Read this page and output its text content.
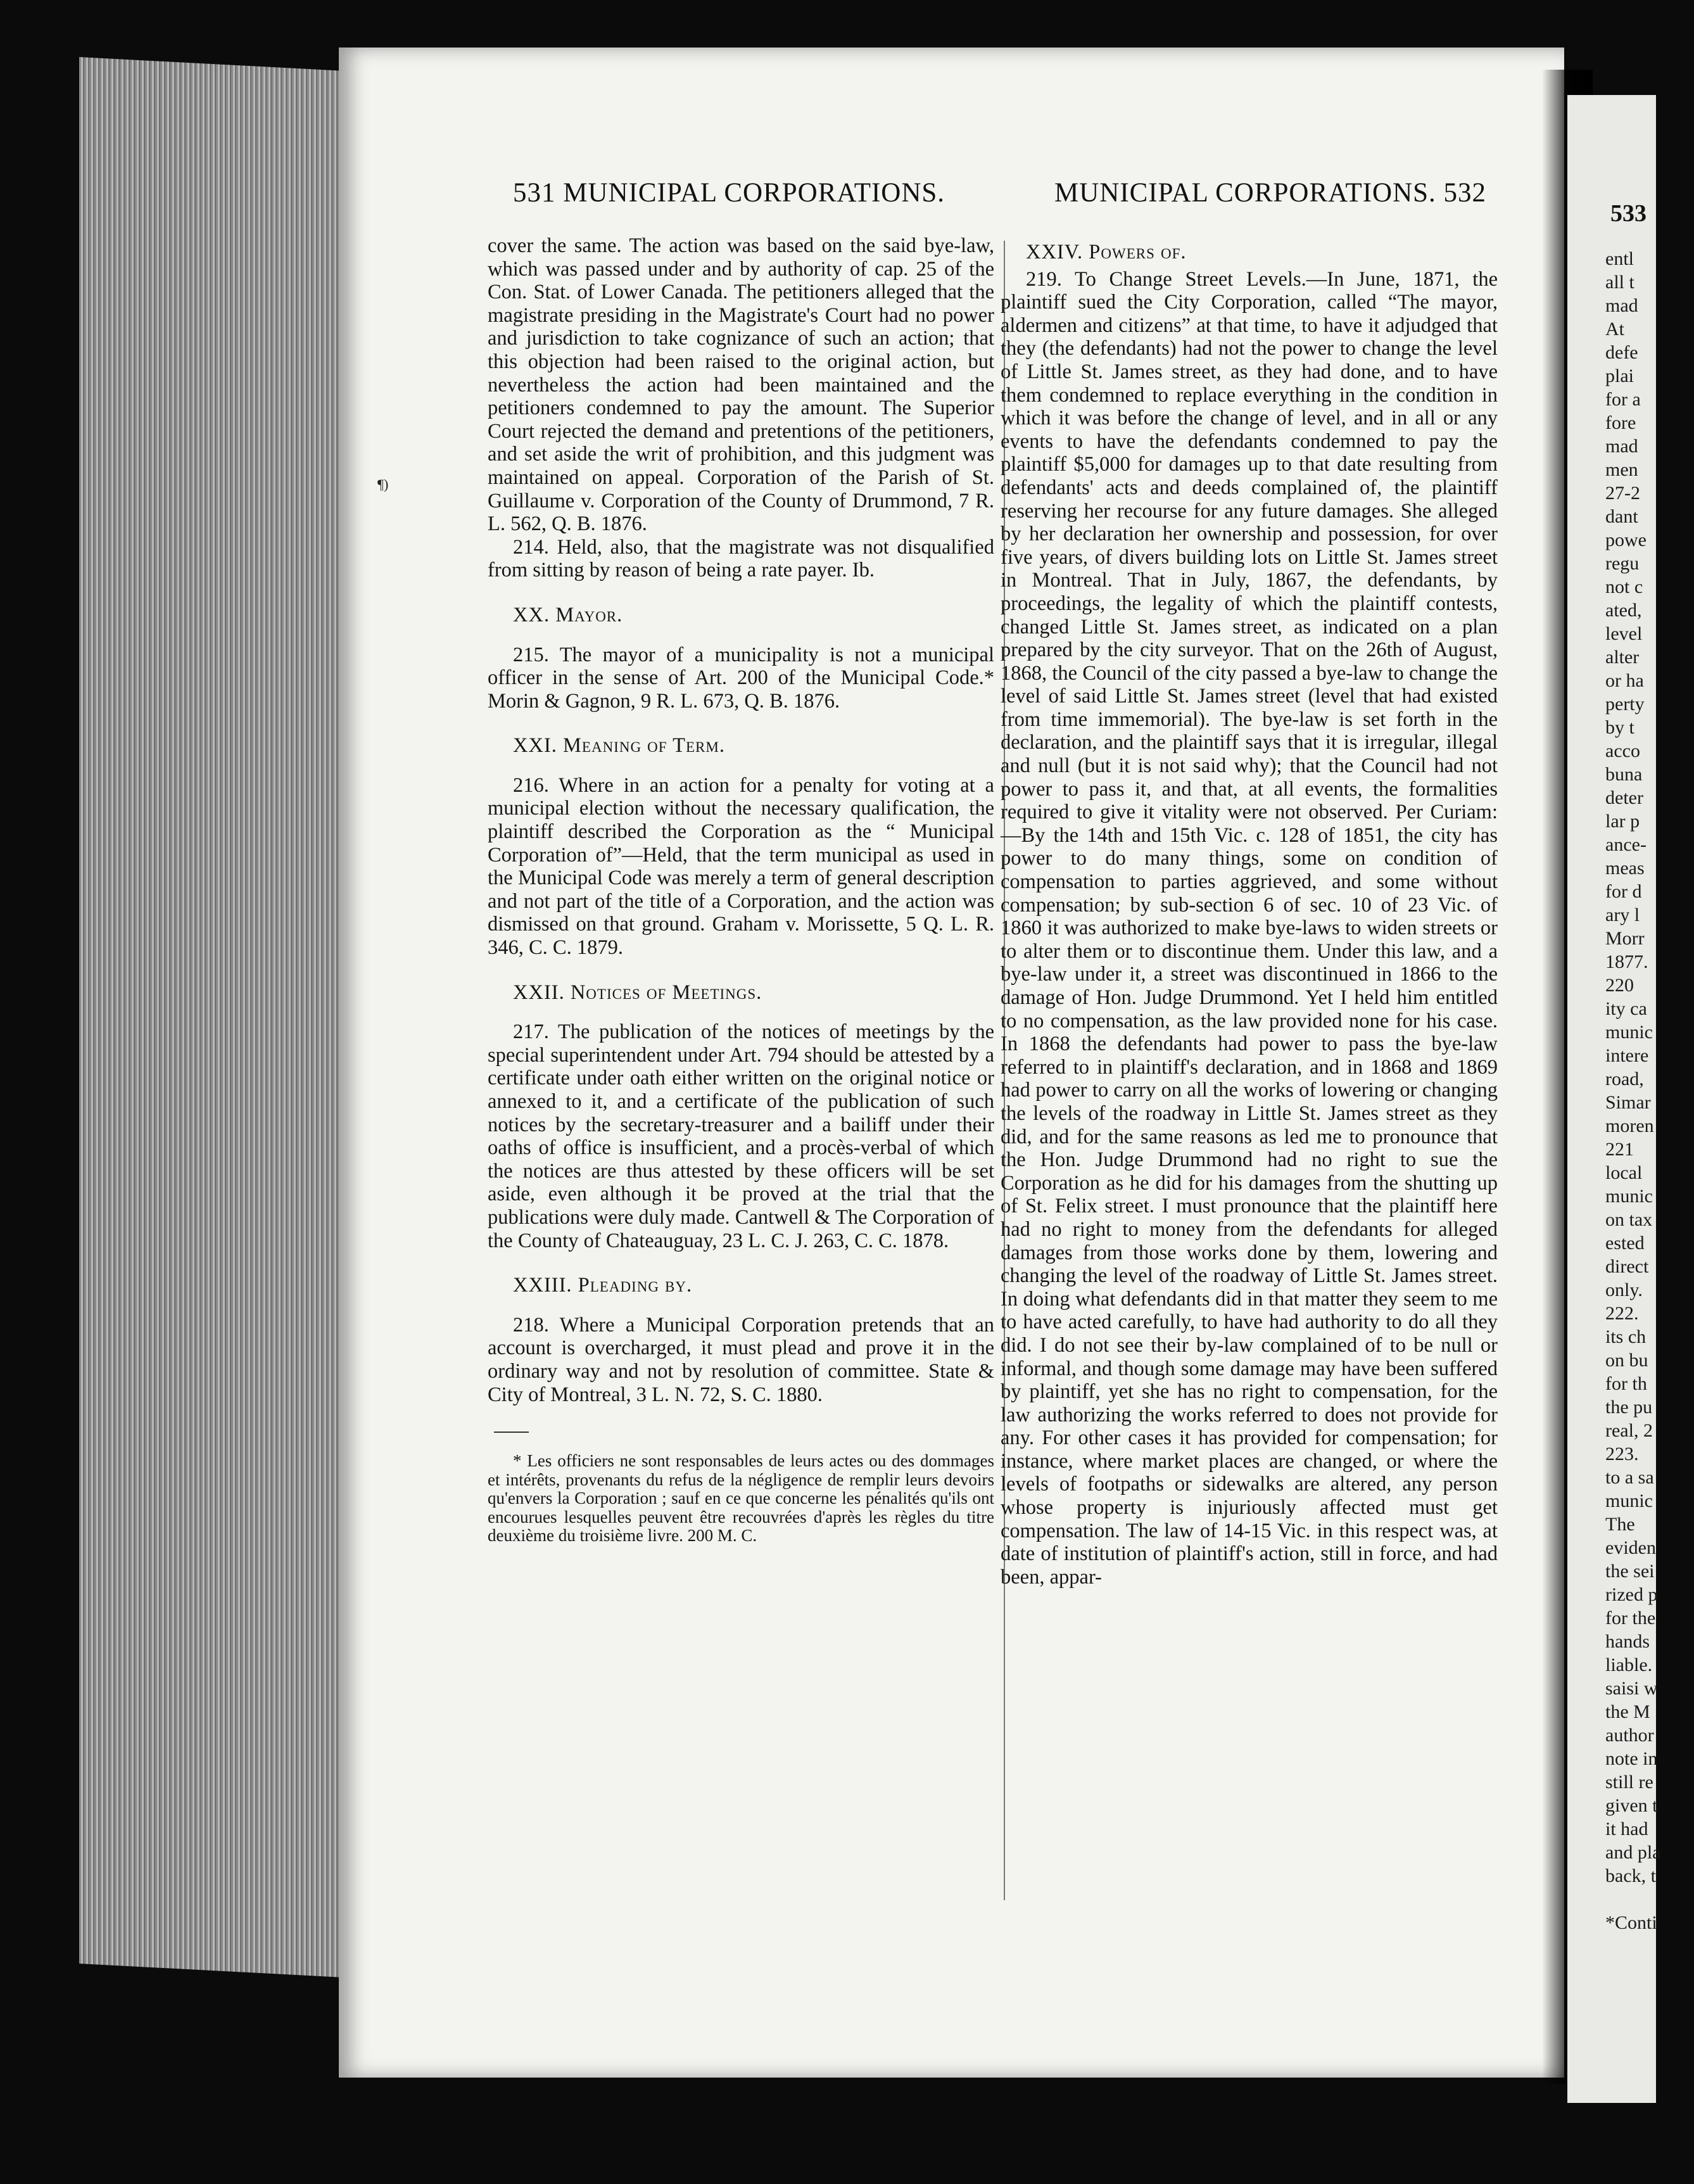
533
entl
all t
mad
At
defe
plai
for a
fore
mad
men
27-2
dant
powe
regu
not c
ated,
level
alter
or ha
perty
by t
acco
buna
deter
lar p
ance-
meas
for d
ary l
Morr
1877.
220
ity ca
munic
intere
road,
Simar
moren
221
local
munic
on tax
ested
direct
only.
222.
its ch
on bu
for th
the pu
real, 2
223.
to a sa
munic
The
eviden
the sei
rized p
for the
hands
liable.
saisi w
the M
author
note in
still re
given t
it had
and pla
back, t

*Conti
¶)
531 MUNICIPAL CORPORATIONS.	MUNICIPAL CORPORATIONS. 532

cover the same. The action was based on the said bye-law, which was passed under and by authority of cap. 25 of the Con. Stat. of Lower Canada. The petitioners alleged that the magistrate presiding in the Magistrate's Court had no power and jurisdiction to take cognizance of such an action; that this objection had been raised to the original action, but nevertheless the action had been maintained and the petitioners condemned to pay the amount. The Superior Court rejected the demand and pretentions of the petitioners, and set aside the writ of prohibition, and this judgment was maintained on appeal. Corporation of the Parish of St. Guillaume v. Corporation of the County of Drummond, 7 R. L. 562, Q. B. 1876.

214. Held, also, that the magistrate was not disqualified from sitting by reason of being a rate payer. Ib.

XX. Mayor.

215. The mayor of a municipality is not a municipal officer in the sense of Art. 200 of the Municipal Code.* Morin & Gagnon, 9 R. L. 673, Q. B. 1876.

XXI. Meaning of Term.

216. Where in an action for a penalty for voting at a municipal election without the necessary qualification, the plaintiff described the Corporation as the “ Municipal Corporation of”—Held, that the term municipal as used in the Municipal Code was merely a term of general description and not part of the title of a Corporation, and the action was dismissed on that ground. Graham v. Morissette, 5 Q. L. R. 346, C. C. 1879.

XXII. Notices of Meetings.

217. The publication of the notices of meetings by the special superintendent under Art. 794 should be attested by a certificate under oath either written on the original notice or annexed to it, and a certificate of the publication of such notices by the secretary-treasurer and a bailiff under their oaths of office is insufficient, and a procès-verbal of which the notices are thus attested by these officers will be set aside, even although it be proved at the trial that the publications were duly made. Cantwell & The Corporation of the County of Chateauguay, 23 L. C. J. 263, C. C. 1878.

XXIII. Pleading by.

218. Where a Municipal Corporation pretends that an account is overcharged, it must plead and prove it in the ordinary way and not by resolution of committee. State & City of Montreal, 3 L. N. 72, S. C. 1880.

* Les officiers ne sont responsables de leurs actes ou des dommages et intérêts, provenants du refus de la négligence de remplir leurs devoirs qu'envers la Corporation ; sauf en ce que concerne les pénalités qu'ils ont encourues lesquelles peuvent être recouvrées d'après les règles du titre deuxième du troisième livre. 200 M. C.

XXIV. Powers of.

219. To Change Street Levels.—In June, 1871, the plaintiff sued the City Corporation, called “The mayor, aldermen and citizens” at that time, to have it adjudged that they (the defendants) had not the power to change the level of Little St. James street, as they had done, and to have them condemned to replace everything in the condition in which it was before the change of level, and in all or any events to have the defendants condemned to pay the plaintiff $5,000 for damages up to that date resulting from defendants' acts and deeds complained of, the plaintiff reserving her recourse for any future damages. She alleged by her declaration her ownership and possession, for over five years, of divers building lots on Little St. James street in Montreal. That in July, 1867, the defendants, by proceedings, the legality of which the plaintiff contests, changed Little St. James street, as indicated on a plan prepared by the city surveyor. That on the 26th of August, 1868, the Council of the city passed a bye-law to change the level of said Little St. James street (level that had existed from time immemorial). The bye-law is set forth in the declaration, and the plaintiff says that it is irregular, illegal and null (but it is not said why); that the Council had not power to pass it, and that, at all events, the formalities required to give it vitality were not observed. Per Curiam: —By the 14th and 15th Vic. c. 128 of 1851, the city has power to do many things, some on condition of compensation to parties aggrieved, and some without compensation; by sub-section 6 of sec. 10 of 23 Vic. of 1860 it was authorized to make bye-laws to widen streets or to alter them or to discontinue them. Under this law, and a bye-law under it, a street was discontinued in 1866 to the damage of Hon. Judge Drummond. Yet I held him entitled to no compensation, as the law provided none for his case. In 1868 the defendants had power to pass the bye-law referred to in plaintiff's declaration, and in 1868 and 1869 had power to carry on all the works of lowering or changing the levels of the roadway in Little St. James street as they did, and for the same reasons as led me to pronounce that the Hon. Judge Drummond had no right to sue the Corporation as he did for his damages from the shutting up of St. Felix street. I must pronounce that the plaintiff here had no right to money from the defendants for alleged damages from those works done by them, lowering and changing the level of the roadway of Little St. James street. In doing what defendants did in that matter they seem to me to have acted carefully, to have had authority to do all they did. I do not see their by-law complained of to be null or informal, and though some damage may have been suffered by plaintiff, yet she has no right to compensation, for the law authorizing the works referred to does not provide for any. For other cases it has provided for compensation; for instance, where market places are changed, or where the levels of footpaths or sidewalks are altered, any person whose property is injuriously affected must get compensation. The law of 14-15 Vic. in this respect was, at date of institution of plaintiff's action, still in force, and had been, appar-
